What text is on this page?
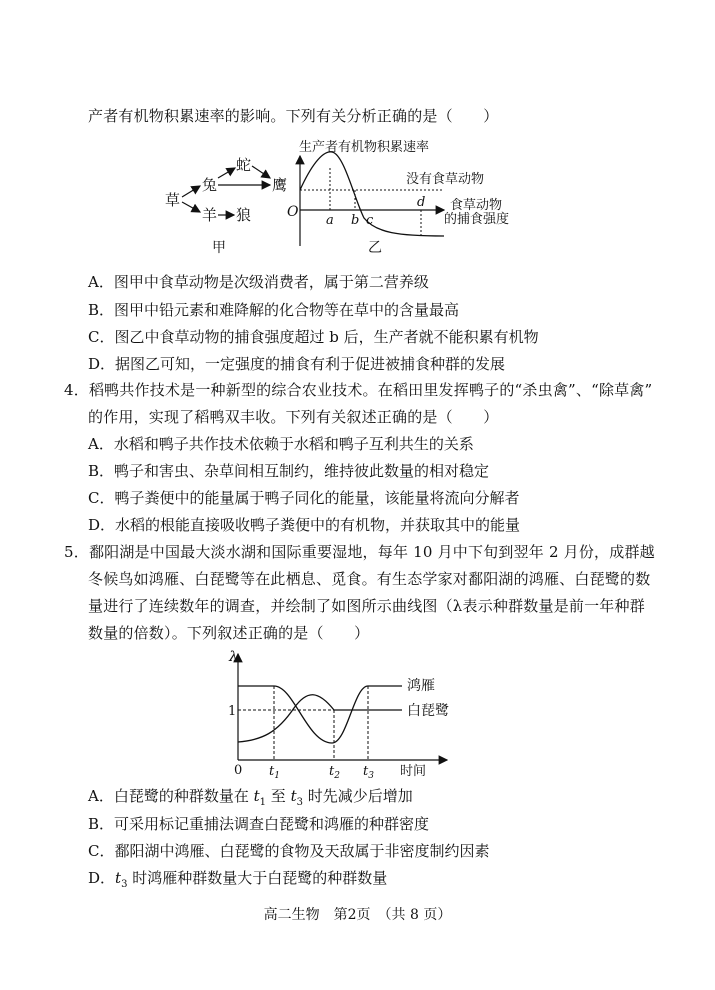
产者有机物积累速率的影响。下列有关分析正确的是（　　）
草
兔
蛇
鹰
羊 狼
甲
生产者有机物积累速率
O
没有食草动物
a b c
d 食草动物
的捕食强度
乙
A．图甲中食草动物是次级消费者，属于第二营养级
B．图甲中铅元素和难降解的化合物等在草中的含量最高
C．图乙中食草动物的捕食强度超过 b 后，生产者就不能积累有机物
D．据图乙可知，一定强度的捕食有利于促进被捕食种群的发展
4．稻鸭共作技术是一种新型的综合农业技术。在稻田里发挥鸭子的“杀虫禽”、“除草禽”
的作用，实现了稻鸭双丰收。下列有关叙述正确的是（　　）
A．水稻和鸭子共作技术依赖于水稻和鸭子互利共生的关系
B．鸭子和害虫、杂草间相互制约，维持彼此数量的相对稳定
C．鸭子粪便中的能量属于鸭子同化的能量，该能量将流向分解者
D．水稻的根能直接吸收鸭子粪便中的有机物，并获取其中的能量
5．鄱阳湖是中国最大淡水湖和国际重要湿地，每年 10 月中下旬到翌年 2 月份，成群越
冬候鸟如鸿雁、白琵鹭等在此栖息、觅食。有生态学家对鄱阳湖的鸿雁、白琵鹭的数
量进行了连续数年的调查，并绘制了如图所示曲线图（λ表示种群数量是前一年种群
数量的倍数）。下列叙述正确的是（　　）
λ
1
0
鸿雁
白琵鹭
$t_1$	$t_2$ $t_3$ 时间
A．白琵鹭的种群数量在 $t_1$ 至 $t_3$ 时先减少后增加
B．可采用标记重捕法调查白琵鹭和鸿雁的种群密度
C．鄱阳湖中鸿雁、白琵鹭的食物及天敌属于非密度制约因素
D．$t_3$ 时鸿雁种群数量大于白琵鹭的种群数量
高二生物　第2页　（共 8 页）
